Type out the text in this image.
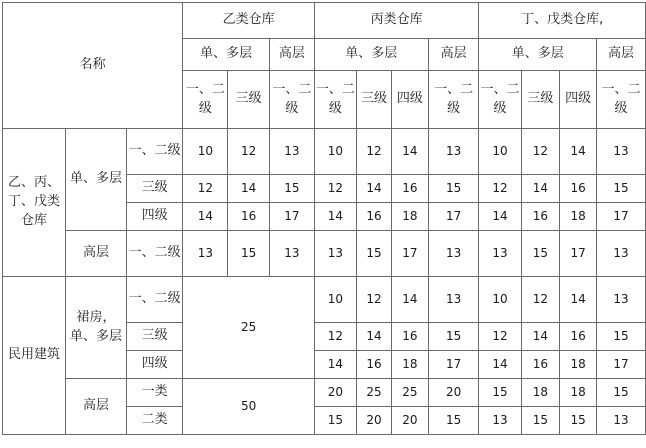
名称			乙类仓库			丙类仓库				丁、戊类仓库,			
			单、多层		高层	单、多层			高层	单、多层			高层
			一、二级	三级	一、二级	一、二级	三级	四级	一、二级	一、二级	三级	四级	一、二级
乙、丙、丁、戊类仓库	单、多层	一、二级	10	12	13	10	12	14	13	10	12	14	13
		三级	12	14	15	12	14	16	15	12	14	16	15
		四级	14	16	17	14	16	18	17	14	16	18	17
	高层	一、二级	13	15	13	13	15	17	13	13	15	17	13
民用建筑	裙房，单、多层	一、二级	25			10	12	14	13	10	12	14	13
		三级				12	14	16	15	12	14	16	15
		四级				14	16	18	17	14	16	18	17
	高层	一类	50			20	25	25	20	15	18	18	15
		二类				15	20	20	15	13	15	15	13
